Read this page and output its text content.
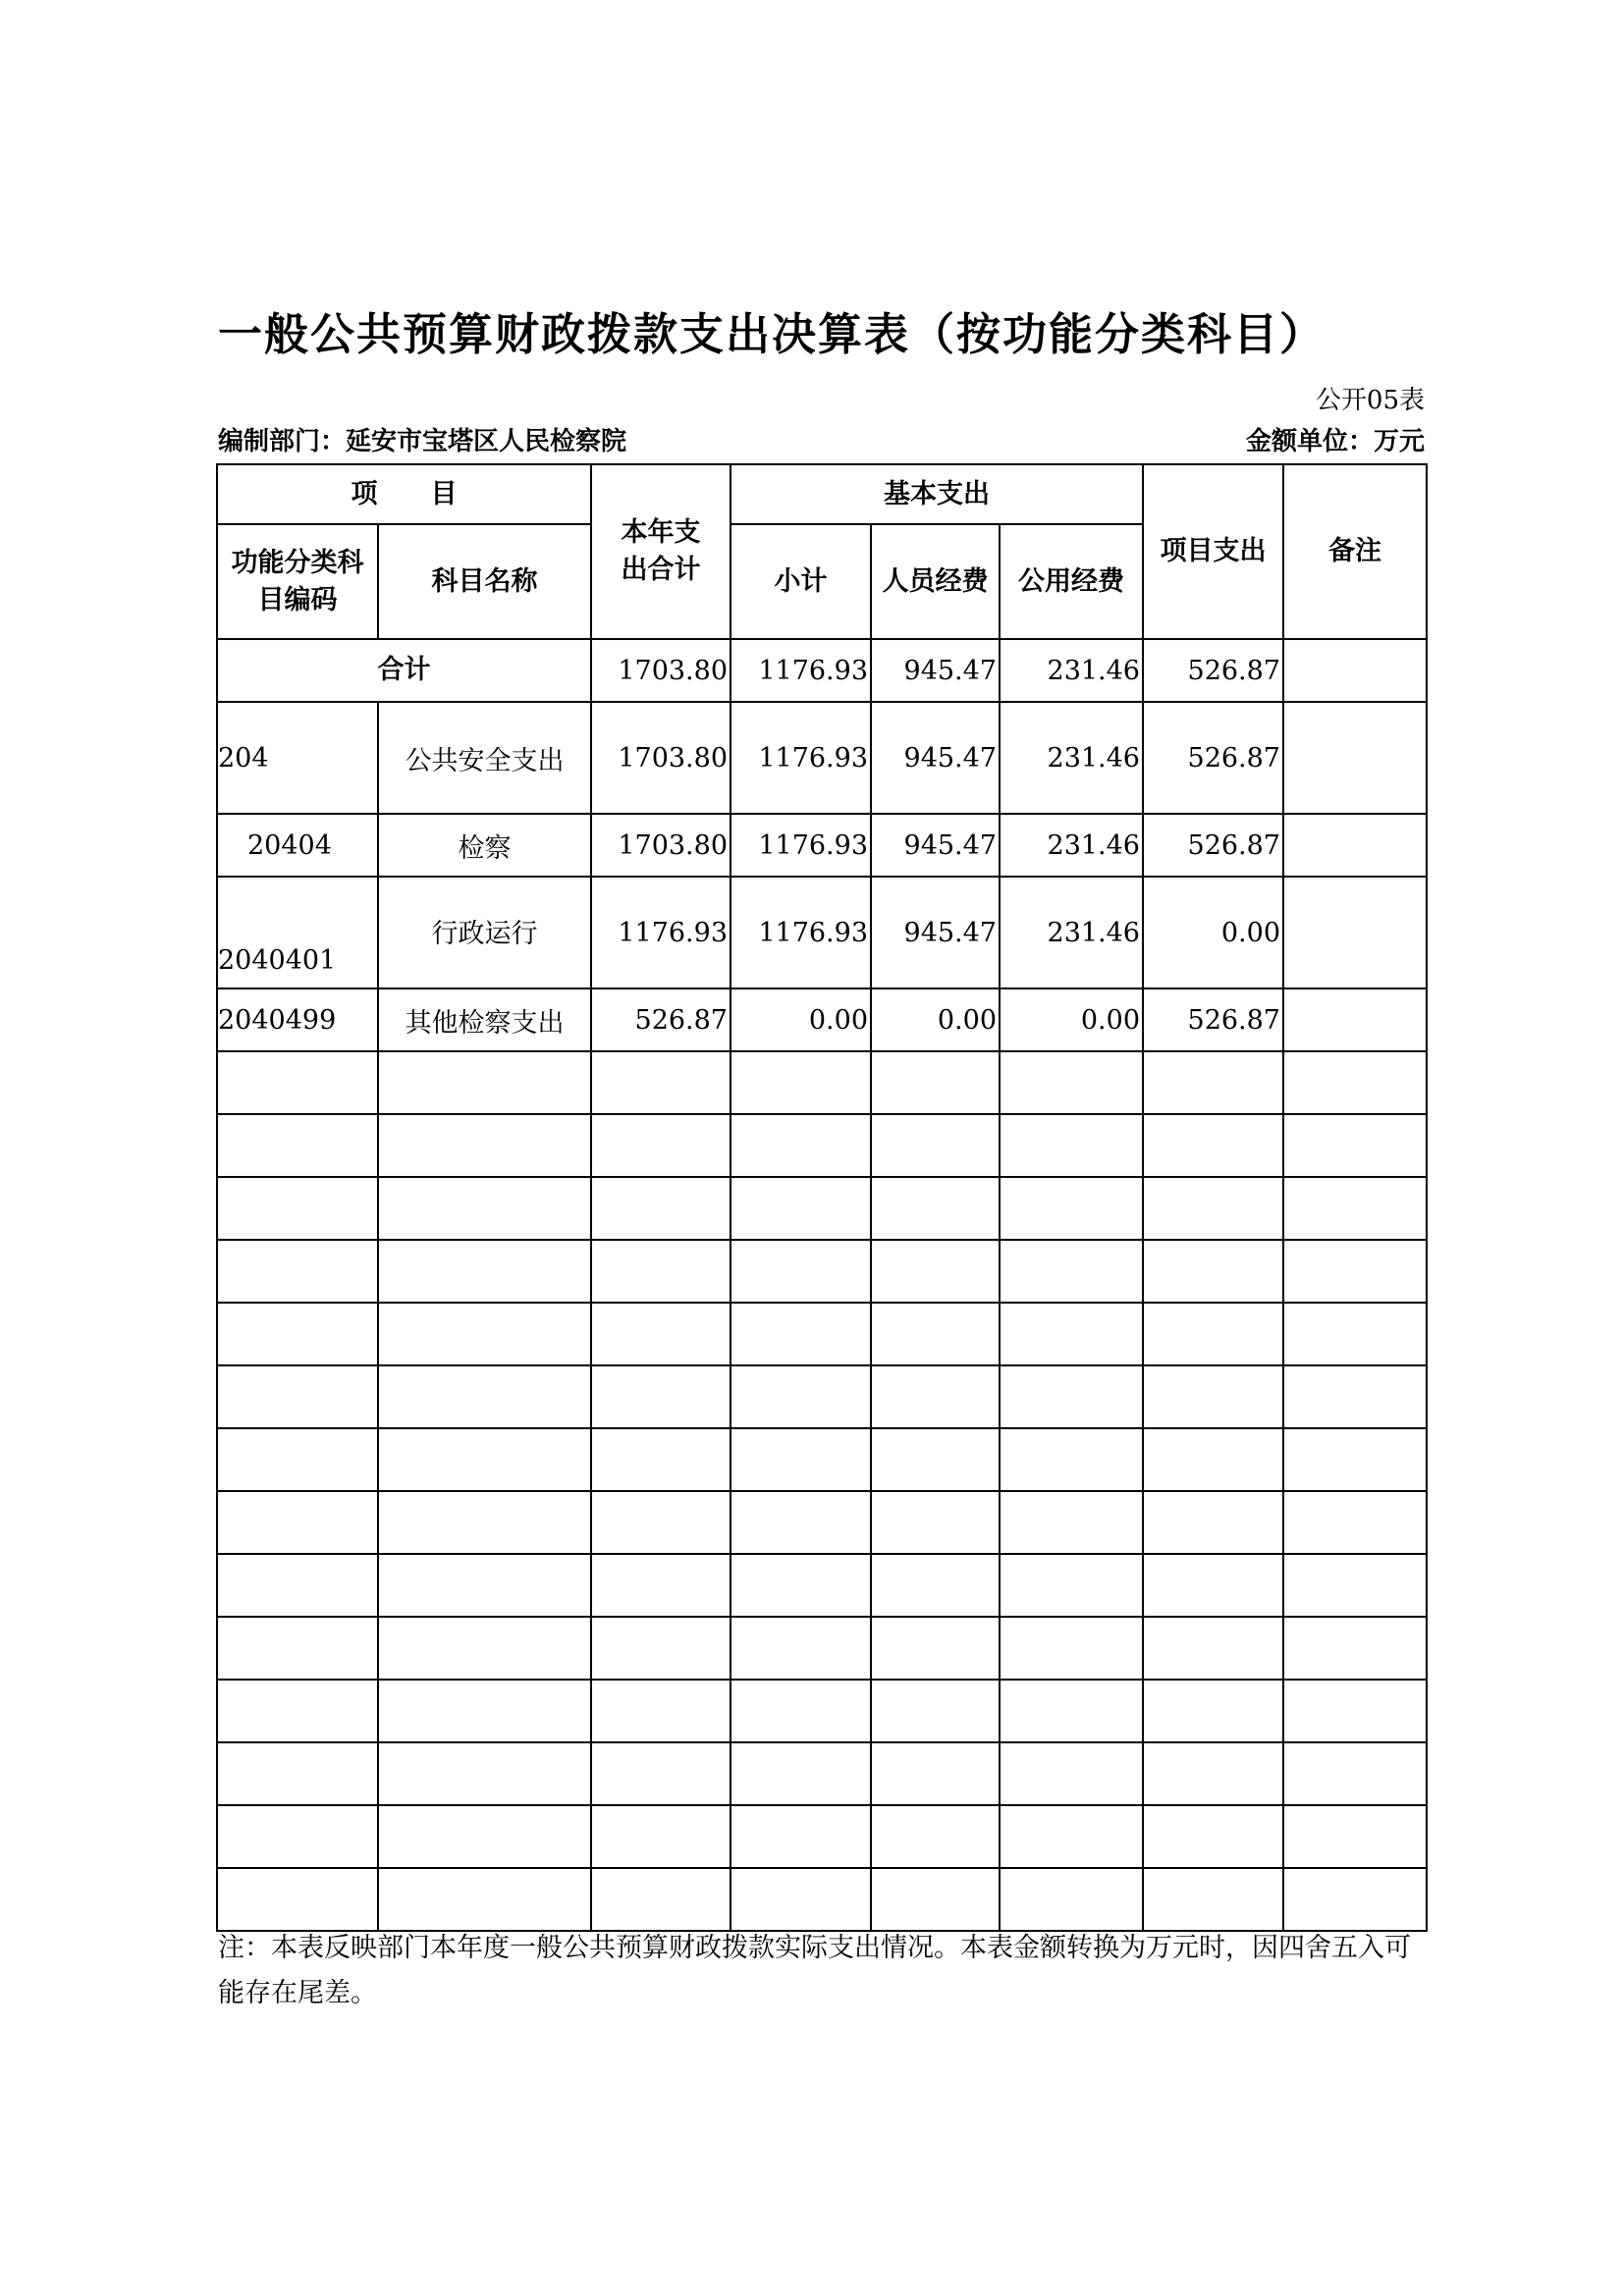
一般公共预算财政拨款支出决算表（按功能分类科目）
公开05表
编制部门：延安市宝塔区人民检察院	金额单位：万元
项　　目		本年支出合计	基本支出			项目支出	备注
功能分类科目编码	科目名称		小计	人员经费	公用经费		
合计		1703.80	1176.93	945.47	231.46	526.87	
204	公共安全支出	1703.80	1176.93	945.47	231.46	526.87	
20404	检察	1703.80	1176.93	945.47	231.46	526.87	
2040401	行政运行	1176.93	1176.93	945.47	231.46	0.00	
2040499	其他检察支出	526.87	0.00	0.00	0.00	526.87	

注：本表反映部门本年度一般公共预算财政拨款实际支出情况。本表金额转换为万元时，因四舍五入可能存在尾差。
